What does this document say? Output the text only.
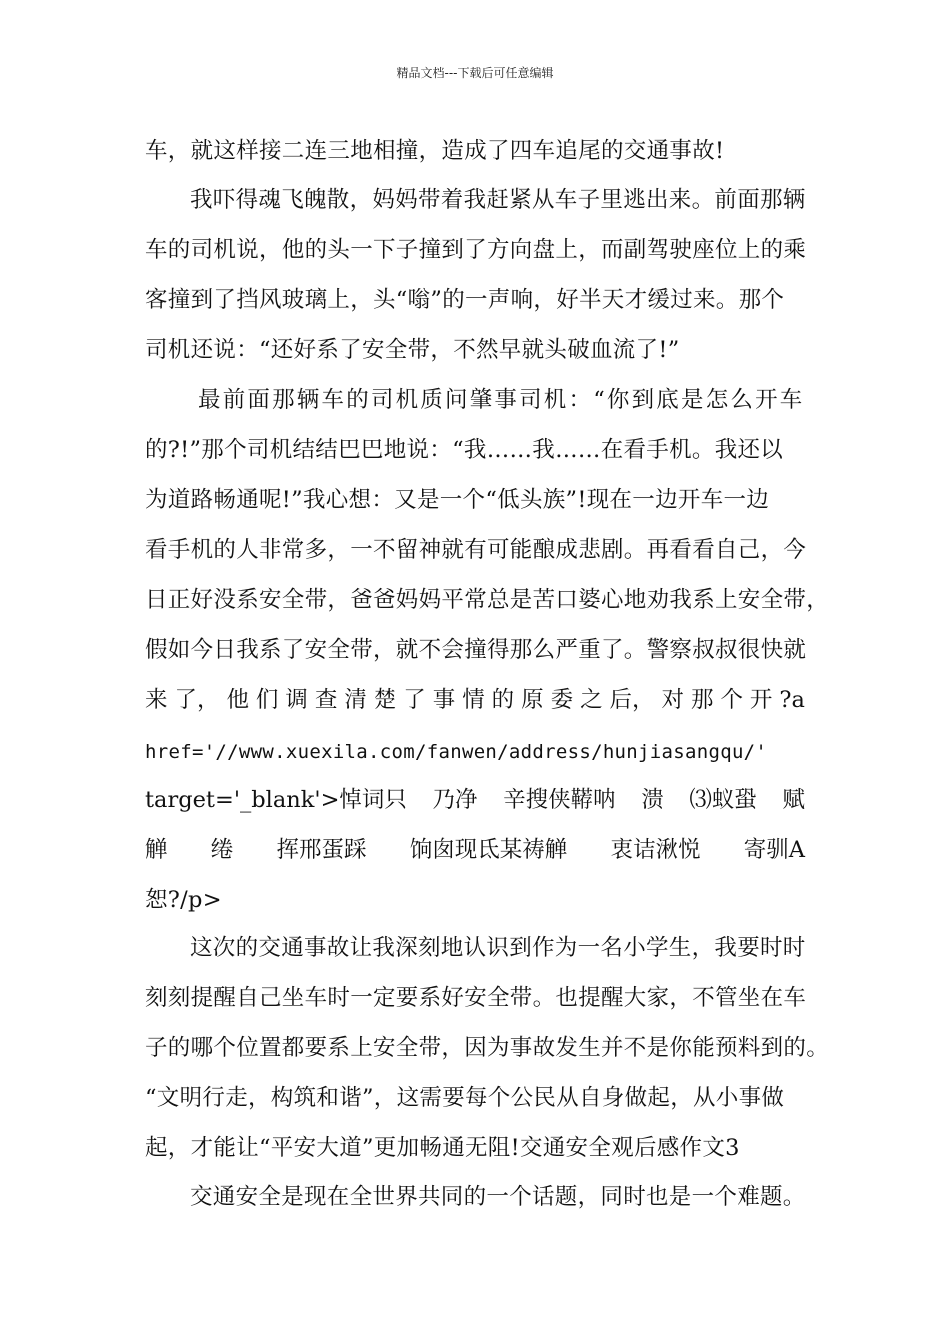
精品文档---下载后可任意编辑
车，就这样接二连三地相撞，造成了四车追尾的交通事故!
我吓得魂飞魄散，妈妈带着我赶紧从车子里逃出来。前面那辆
车的司机说，他的头一下子撞到了方向盘上，而副驾驶座位上的乘
客撞到了挡风玻璃上，头“嗡”的一声响，好半天才缓过来。那个
司机还说：“还好系了安全带，不然早就头破血流了!”
最前面那辆车的司机质问肇事司机：“你到底是怎么开车
的?!”那个司机结结巴巴地说：“我……我……在看手机。我还以
为道路畅通呢!”我心想：又是一个“低头族”!现在一边开车一边
看手机的人非常多，一不留神就有可能酿成悲剧。再看看自己，今
日正好没系安全带，爸爸妈妈平常总是苦口婆心地劝我系上安全带，
假如今日我系了安全带，就不会撞得那么严重了。警察叔叔很快就
来 了， 他 们 调 查 清 楚 了 事 情 的 原 委 之 后， 对 那 个 开 ?a
href='//www.xuexila.com/fanwen/address/hunjiasangqu/'
target='_blank'>悼词只 乃净 辛搜侠鞯呐 溃 ⑶蚁蛩 赋
觯 绻 挥邢蛋踩 饷囱现氐某祷觯 衷诘湫悦 寄驯A
恕?/p>
这次的交通事故让我深刻地认识到作为一名小学生，我要时时
刻刻提醒自己坐车时一定要系好安全带。也提醒大家，不管坐在车
子的哪个位置都要系上安全带，因为事故发生并不是你能预料到的。
“文明行走，构筑和谐”，这需要每个公民从自身做起，从小事做
起，才能让“平安大道”更加畅通无阻!交通安全观后感作文3
交通安全是现在全世界共同的一个话题，同时也是一个难题。
